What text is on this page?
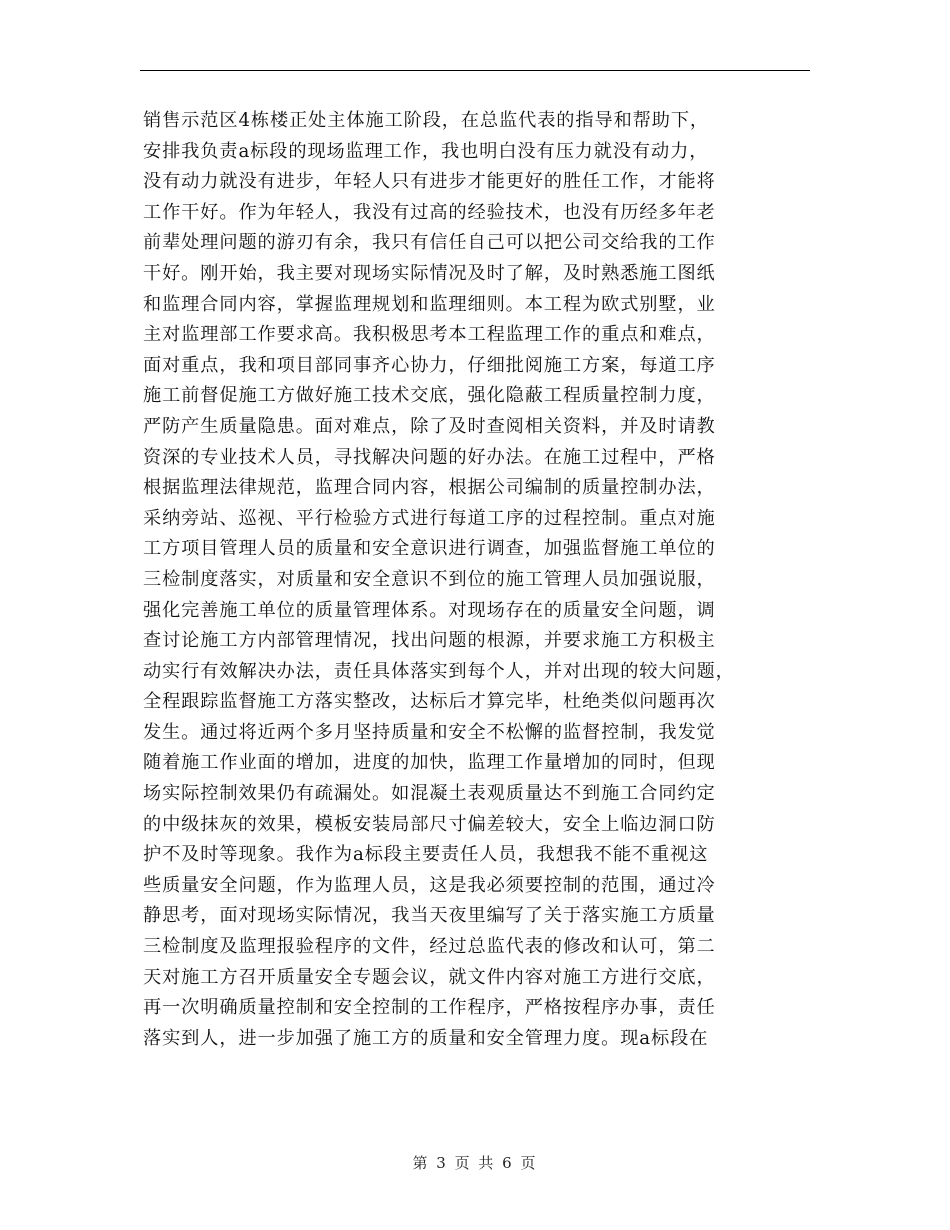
销售示范区4栋楼正处主体施工阶段，在总监代表的指导和帮助下，
安排我负责a标段的现场监理工作，我也明白没有压力就没有动力，
没有动力就没有进步，年轻人只有进步才能更好的胜任工作，才能将
工作干好。作为年轻人，我没有过高的经验技术，也没有历经多年老
前辈处理问题的游刃有余，我只有信任自己可以把公司交给我的工作
干好。刚开始，我主要对现场实际情况及时了解，及时熟悉施工图纸
和监理合同内容，掌握监理规划和监理细则。本工程为欧式别墅，业
主对监理部工作要求高。我积极思考本工程监理工作的重点和难点，
面对重点，我和项目部同事齐心协力，仔细批阅施工方案，每道工序
施工前督促施工方做好施工技术交底，强化隐蔽工程质量控制力度，
严防产生质量隐患。面对难点，除了及时查阅相关资料，并及时请教
资深的专业技术人员，寻找解决问题的好办法。在施工过程中，严格
根据监理法律规范，监理合同内容，根据公司编制的质量控制办法，
采纳旁站、巡视、平行检验方式进行每道工序的过程控制。重点对施
工方项目管理人员的质量和安全意识进行调查，加强监督施工单位的
三检制度落实，对质量和安全意识不到位的施工管理人员加强说服，
强化完善施工单位的质量管理体系。对现场存在的质量安全问题，调
查讨论施工方内部管理情况，找出问题的根源，并要求施工方积极主
动实行有效解决办法，责任具体落实到每个人，并对出现的较大问题，
全程跟踪监督施工方落实整改，达标后才算完毕，杜绝类似问题再次
发生。通过将近两个多月坚持质量和安全不松懈的监督控制，我发觉
随着施工作业面的增加，进度的加快，监理工作量增加的同时，但现
场实际控制效果仍有疏漏处。如混凝土表观质量达不到施工合同约定
的中级抹灰的效果，模板安装局部尺寸偏差较大，安全上临边洞口防
护不及时等现象。我作为a标段主要责任人员，我想我不能不重视这
些质量安全问题，作为监理人员，这是我必须要控制的范围，通过冷
静思考，面对现场实际情况，我当天夜里编写了关于落实施工方质量
三检制度及监理报验程序的文件，经过总监代表的修改和认可，第二
天对施工方召开质量安全专题会议，就文件内容对施工方进行交底，
再一次明确质量控制和安全控制的工作程序，严格按程序办事，责任
落实到人，进一步加强了施工方的质量和安全管理力度。现a标段在
第 3 页 共 6 页
